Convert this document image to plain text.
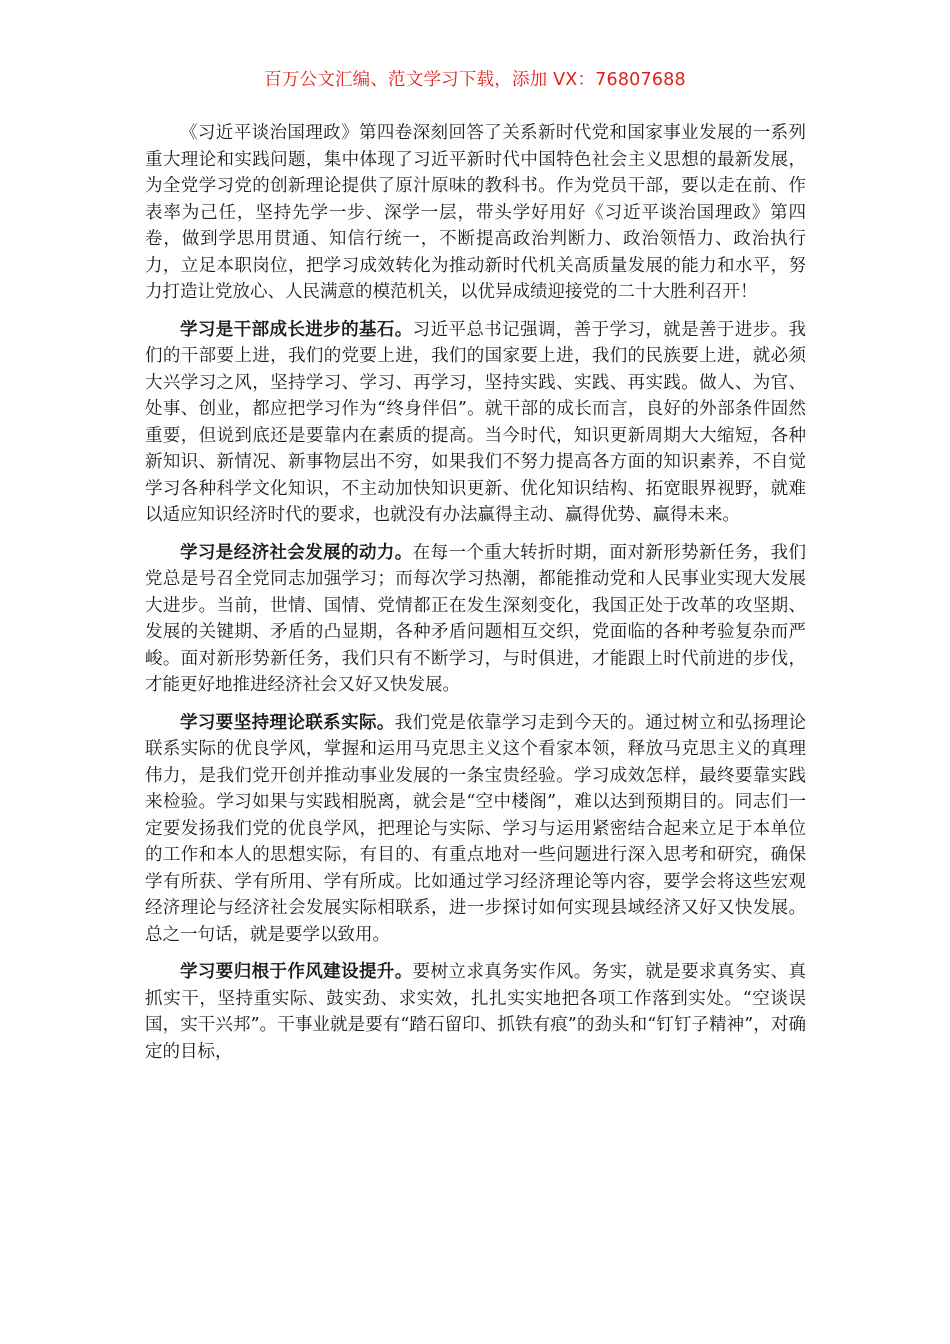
百万公文汇编、范文学习下载，添加 VX：76807688

《习近平谈治国理政》第四卷深刻回答了关系新时代党和国家事业发展的一系列重大理论和实践问题，集中体现了习近平新时代中国特色社会主义思想的最新发展，为全党学习党的创新理论提供了原汁原味的教科书。作为党员干部，要以走在前、作表率为己任，坚持先学一步、深学一层，带头学好用好《习近平谈治国理政》第四卷，做到学思用贯通、知信行统一，不断提高政治判断力、政治领悟力、政治执行力，立足本职岗位，把学习成效转化为推动新时代机关高质量发展的能力和水平，努力打造让党放心、人民满意的模范机关，以优异成绩迎接党的二十大胜利召开！

学习是干部成长进步的基石。习近平总书记强调，善于学习，就是善于进步。我们的干部要上进，我们的党要上进，我们的国家要上进，我们的民族要上进，就必须大兴学习之风，坚持学习、学习、再学习，坚持实践、实践、再实践。做人、为官、处事、创业，都应把学习作为“终身伴侣”。就干部的成长而言，良好的外部条件固然重要，但说到底还是要靠内在素质的提高。当今时代，知识更新周期大大缩短，各种新知识、新情况、新事物层出不穷，如果我们不努力提高各方面的知识素养，不自觉学习各种科学文化知识，不主动加快知识更新、优化知识结构、拓宽眼界视野，就难以适应知识经济时代的要求，也就没有办法赢得主动、赢得优势、赢得未来。

学习是经济社会发展的动力。在每一个重大转折时期，面对新形势新任务，我们党总是号召全党同志加强学习；而每次学习热潮，都能推动党和人民事业实现大发展大进步。当前，世情、国情、党情都正在发生深刻变化，我国正处于改革的攻坚期、发展的关键期、矛盾的凸显期，各种矛盾问题相互交织，党面临的各种考验复杂而严峻。面对新形势新任务，我们只有不断学习，与时俱进，才能跟上时代前进的步伐，才能更好地推进经济社会又好又快发展。

学习要坚持理论联系实际。我们党是依靠学习走到今天的。通过树立和弘扬理论联系实际的优良学风，掌握和运用马克思主义这个看家本领，释放马克思主义的真理伟力，是我们党开创并推动事业发展的一条宝贵经验。学习成效怎样，最终要靠实践来检验。学习如果与实践相脱离，就会是“空中楼阁”，难以达到预期目的。同志们一定要发扬我们党的优良学风，把理论与实际、学习与运用紧密结合起来立足于本单位的工作和本人的思想实际，有目的、有重点地对一些问题进行深入思考和研究，确保学有所获、学有所用、学有所成。比如通过学习经济理论等内容，要学会将这些宏观经济理论与经济社会发展实际相联系，进一步探讨如何实现县域经济又好又快发展。总之一句话，就是要学以致用。

学习要归根于作风建设提升。要树立求真务实作风。务实，就是要求真务实、真抓实干，坚持重实际、鼓实劲、求实效，扎扎实实地把各项工作落到实处。“空谈误国，实干兴邦”。干事业就是要有“踏石留印、抓铁有痕”的劲头和“钉钉子精神”，对确定的目标，
